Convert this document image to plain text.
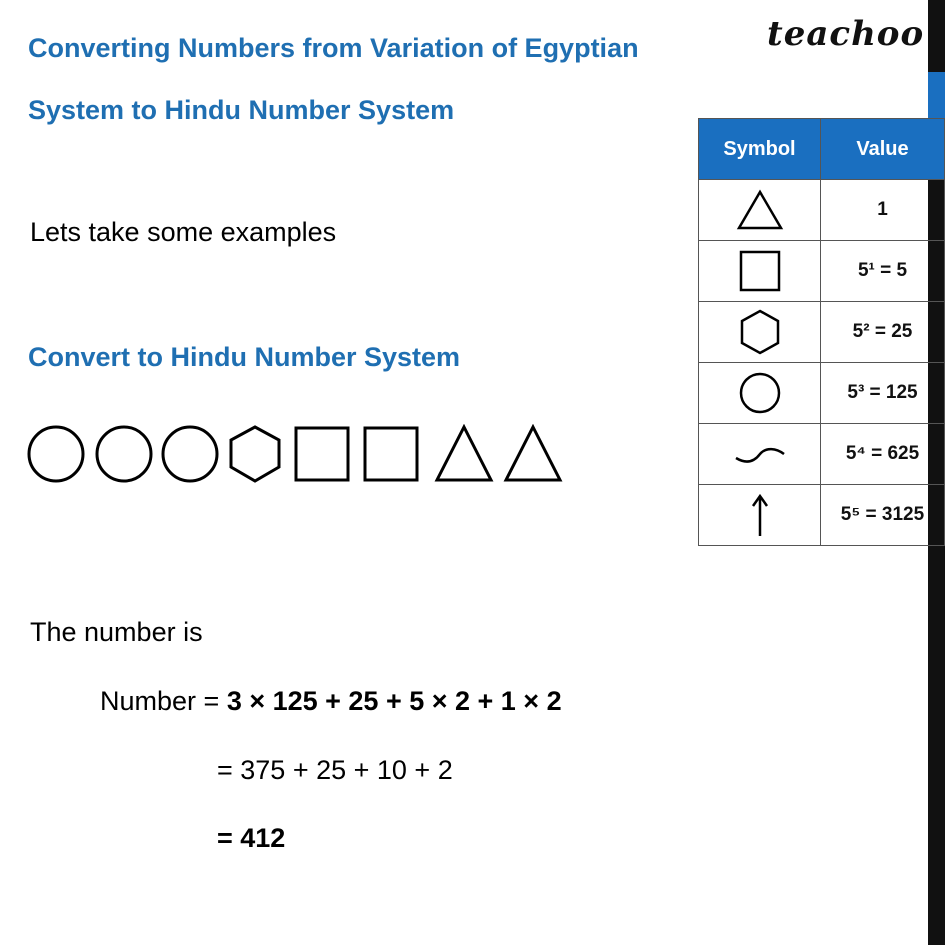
teachoo
Converting Numbers from Variation of Egyptian
System to Hindu Number System
Lets take some examples
Convert to Hindu Number System
Symbol	Value

	1

	5¹ = 5

	5² = 25

	5³ = 125

	5⁴ = 625

	5⁵ = 3125
The number is
Number = 3 × 125 + 25 + 5 × 2 + 1 × 2
= 375 + 25 + 10 + 2
= 412
